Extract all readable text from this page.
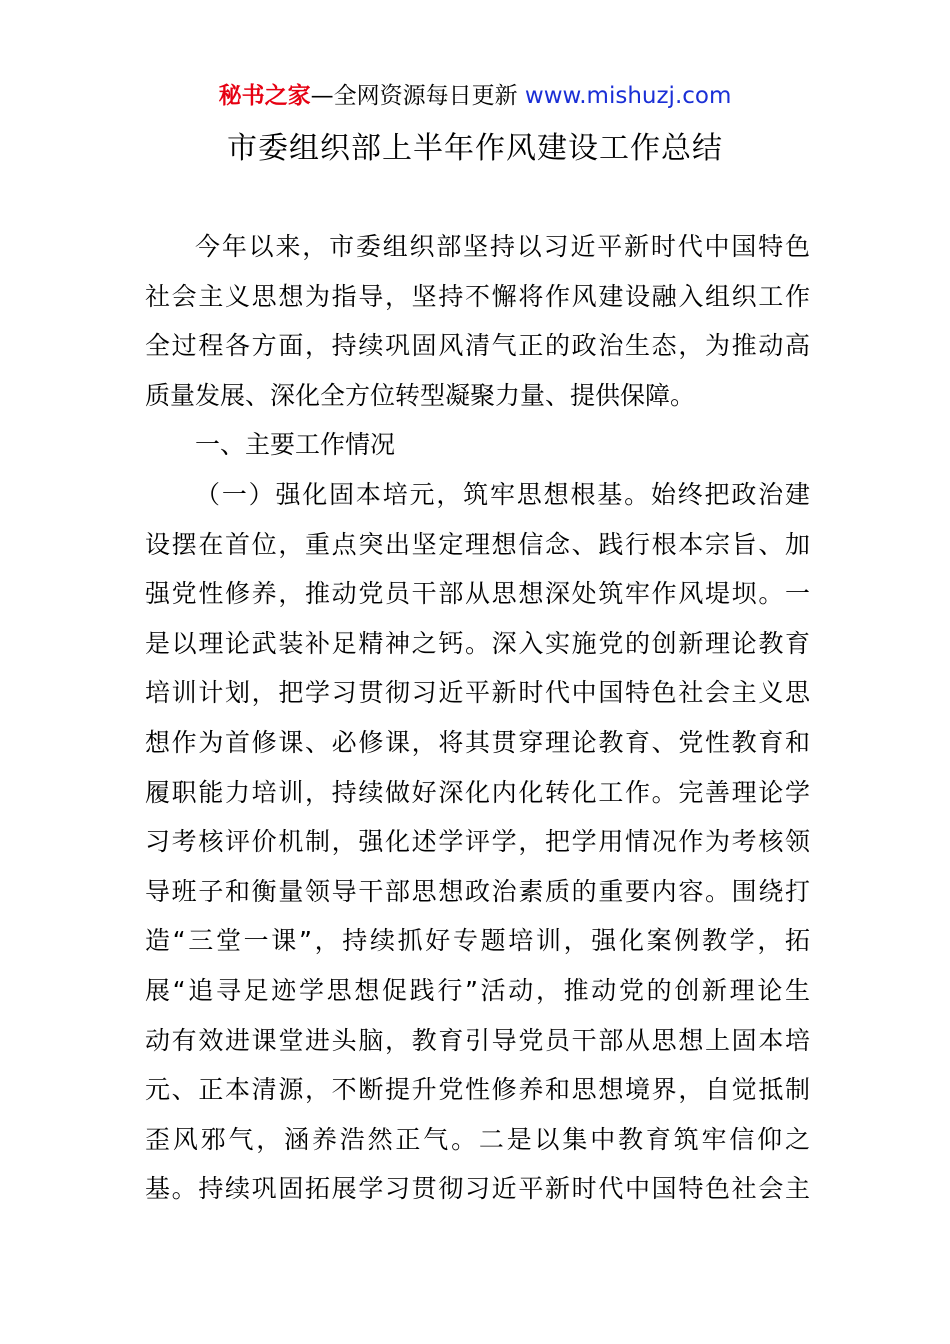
秘书之家—全网资源每日更新 www.mishuzj.com
市委组织部上半年作风建设工作总结
今年以来，市委组织部坚持以习近平新时代中国特色
社会主义思想为指导，坚持不懈将作风建设融入组织工作
全过程各方面，持续巩固风清气正的政治生态，为推动高
质量发展、深化全方位转型凝聚力量、提供保障。
一、主要工作情况
（一）强化固本培元，筑牢思想根基。始终把政治建
设摆在首位，重点突出坚定理想信念、践行根本宗旨、加
强党性修养，推动党员干部从思想深处筑牢作风堤坝。一
是以理论武装补足精神之钙。深入实施党的创新理论教育
培训计划，把学习贯彻习近平新时代中国特色社会主义思
想作为首修课、必修课，将其贯穿理论教育、党性教育和
履职能力培训，持续做好深化内化转化工作。完善理论学
习考核评价机制，强化述学评学，把学用情况作为考核领
导班子和衡量领导干部思想政治素质的重要内容。围绕打
造“三堂一课”，持续抓好专题培训，强化案例教学，拓
展“追寻足迹学思想促践行”活动，推动党的创新理论生
动有效进课堂进头脑，教育引导党员干部从思想上固本培
元、正本清源，不断提升党性修养和思想境界，自觉抵制
歪风邪气，涵养浩然正气。二是以集中教育筑牢信仰之
基。持续巩固拓展学习贯彻习近平新时代中国特色社会主
